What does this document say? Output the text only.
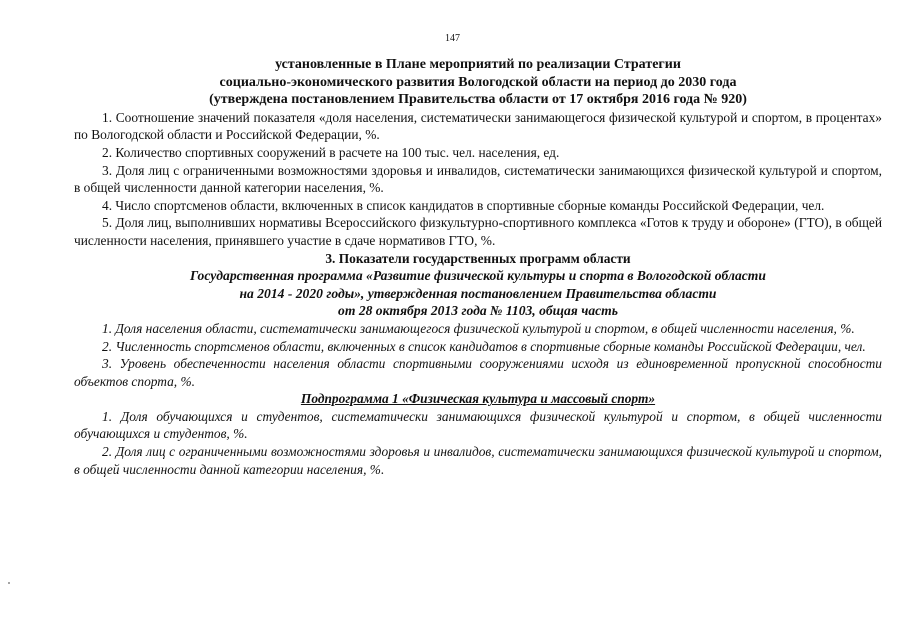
147

установленные в Плане мероприятий по реализации Стратегии

социально-экономического развития Вологодской области на период до 2030 года

(утверждена постановлением Правительства области от 17 октября 2016 года № 920)

1. Соотношение значений показателя «доля населения, систематически занимающегося физической культурой и спортом, в процентах» по Вологодской области и Российской Федерации, %.

2. Количество спортивных сооружений в расчете на 100 тыс. чел. населения, ед.

3. Доля лиц с ограниченными возможностями здоровья и инвалидов, систематически занимающихся физической культурой и спортом, в общей численности данной категории населения, %.

4. Число спортсменов области, включенных в список кандидатов в спортивные сборные команды Российской Федерации, чел.

5. Доля лиц, выполнивших нормативы Всероссийского физкультурно-спортивного комплекса «Готов к труду и обороне» (ГТО), в общей численности населения, принявшего участие в сдаче нормативов ГТО, %.

3. Показатели государственных программ области

Государственная программа «Развитие физической культуры и спорта в Вологодской области

на 2014 - 2020 годы», утвержденная постановлением Правительства области

от 28 октября 2013 года № 1103, общая часть

1. Доля населения области, систематически занимающегося физической культурой и спортом, в общей численности населения, %.

2. Численность спортсменов области, включенных в список кандидатов в спортивные сборные команды Российской Федерации, чел.

3. Уровень обеспеченности населения области спортивными сооружениями исходя из единовременной пропускной способности объектов спорта, %.

Подпрограмма 1 «Физическая культура и массовый спорт»

1. Доля обучающихся и студентов, систематически занимающихся физической культурой и спортом, в общей численности обучающихся и студентов, %.

2. Доля лиц с ограниченными возможностями здоровья и инвалидов, систематически занимающихся физической культурой и спортом, в общей численности данной категории населения, %.
